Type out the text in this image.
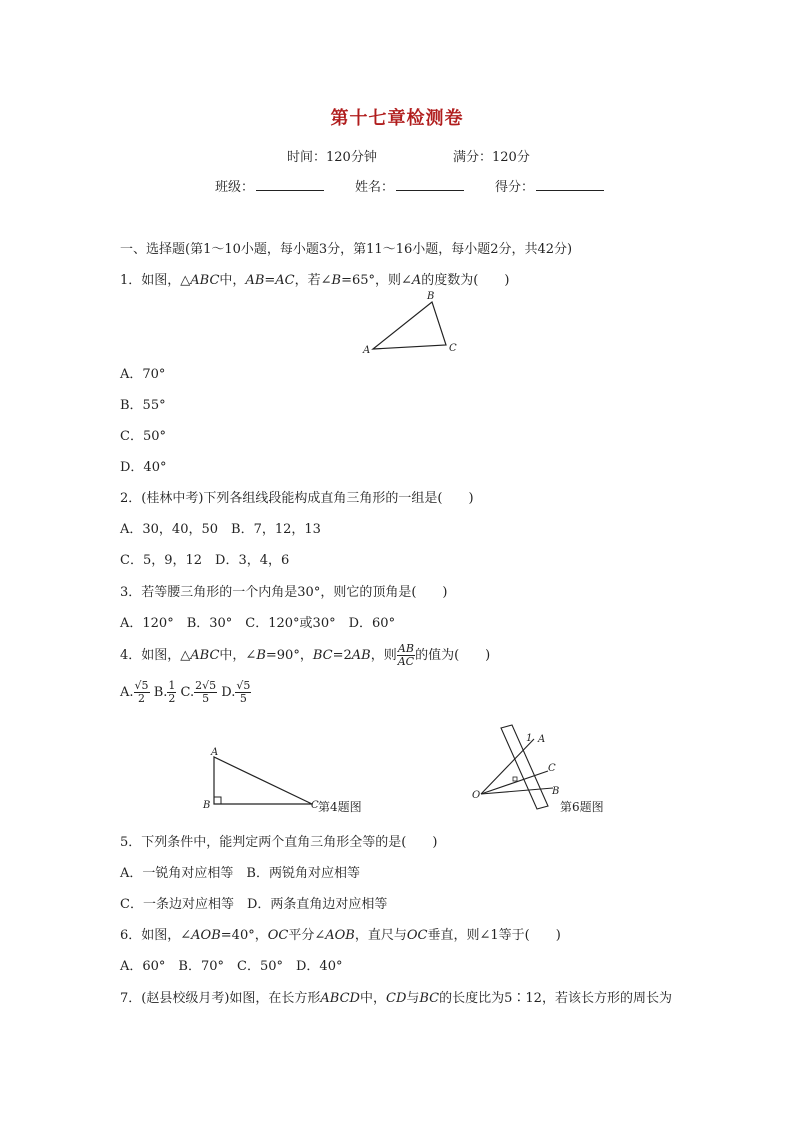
第十七章检测卷
时间：120分钟	满分：120分
班级：	姓名：	得分：
一、选择题(第1～10小题，每小题3分，第11～16小题，每小题2分，共42分)
1．如图，△ABC中，AB=AC，若∠B=65°，则∠A的度数为(　　)
A
B
C
A．70°
B．55°
C．50°
D．40°
2．(桂林中考)下列各组线段能构成直角三角形的一组是(　　)
A．30，40，50　B．7，12，13
C．5，9，12　D．3，4，6
3．若等腰三角形的一个内角是30°，则它的顶角是(　　)
A．120°　B．30°　C．120°或30°　D．60°
4．如图，△ABC中，∠B=90°，BC=2AB，则 $\frac{AB}{AC}$ 的值为(　　)
A. $\frac{√5}{2} B$. $\frac{1}{2} C$. $\frac{2√5}{5} D$. $\frac{√5}{5}$
A
B	C 第4题图
1 A
C
B
O
第6题图
5．下列条件中，能判定两个直角三角形全等的是(　　)
A．一锐角对应相等　B．两锐角对应相等
C．一条边对应相等　D．两条直角边对应相等
6．如图，∠AOB=40°，OC平分∠AOB，直尺与OC垂直，则∠1等于(　　)
A．60°　B．70°　C．50°　D．40°
7．(赵县校级月考)如图，在长方形ABCD中，CD与BC的长度比为5∶12，若该长方形的周长为
